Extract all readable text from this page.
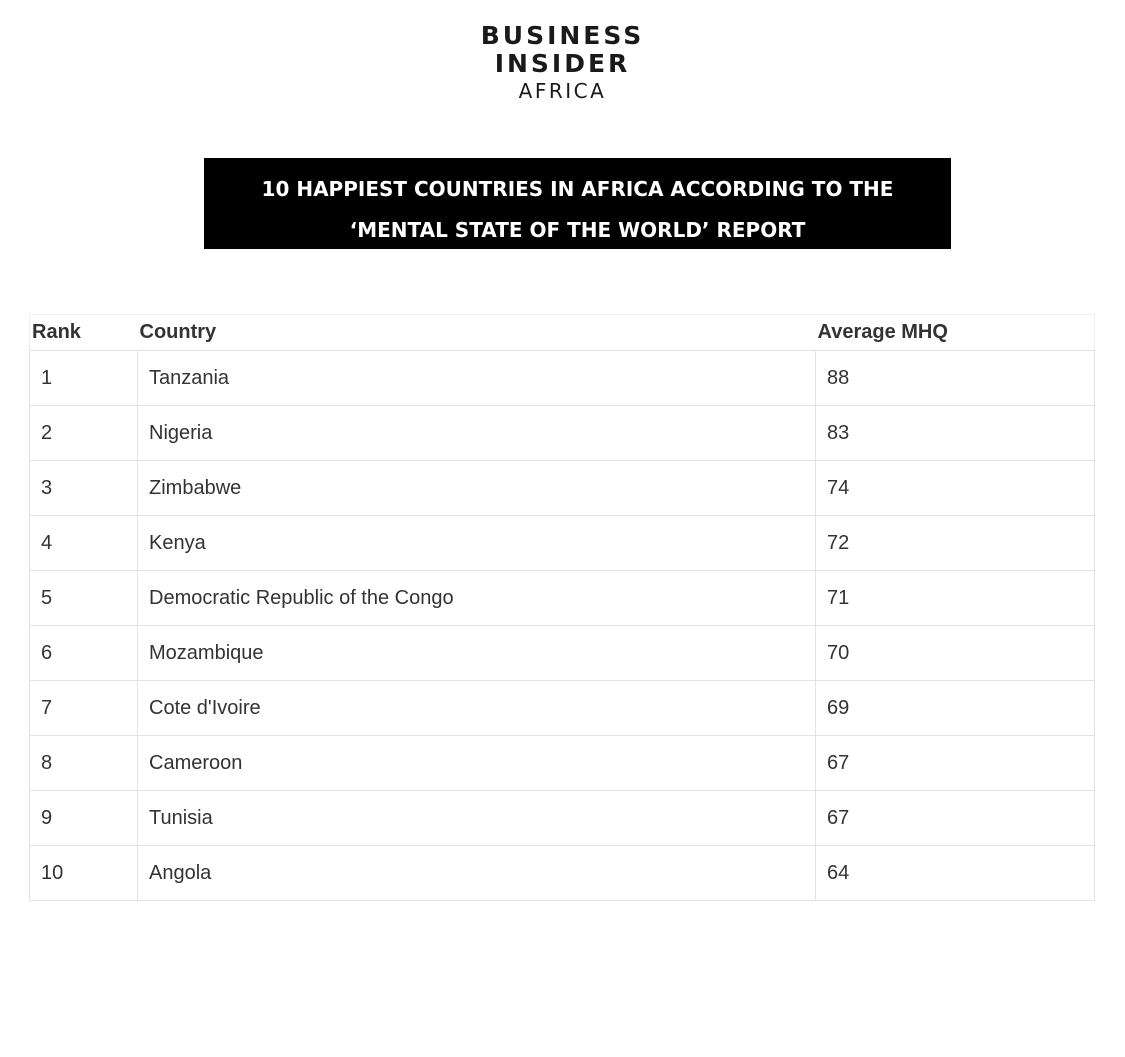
BUSINESS
INSIDER
AFRICA
10 HAPPIEST COUNTRIES IN AFRICA ACCORDING TO THE
‘MENTAL STATE OF THE WORLD’ REPORT
Rank	Country	Average MHQ
1	Tanzania	88
2	Nigeria	83
3	Zimbabwe	74
4	Kenya	72
5	Democratic Republic of the Congo	71
6	Mozambique	70
7	Cote d'Ivoire	69
8	Cameroon	67
9	Tunisia	67
10	Angola	64
